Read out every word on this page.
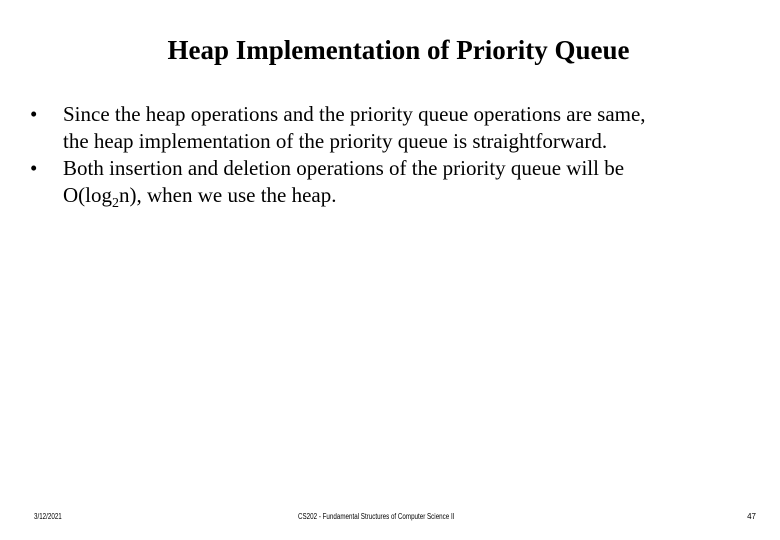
Heap Implementation of Priority Queue
• Since the heap operations and the priority queue operations are same,
the heap implementation of the priority queue is straightforward.
• Both insertion and deletion operations of the priority queue will be
$O(\log_2n)$, when we use the heap.
3/12/2021	CS202 - Fundamental Structures of Computer Science II	47
